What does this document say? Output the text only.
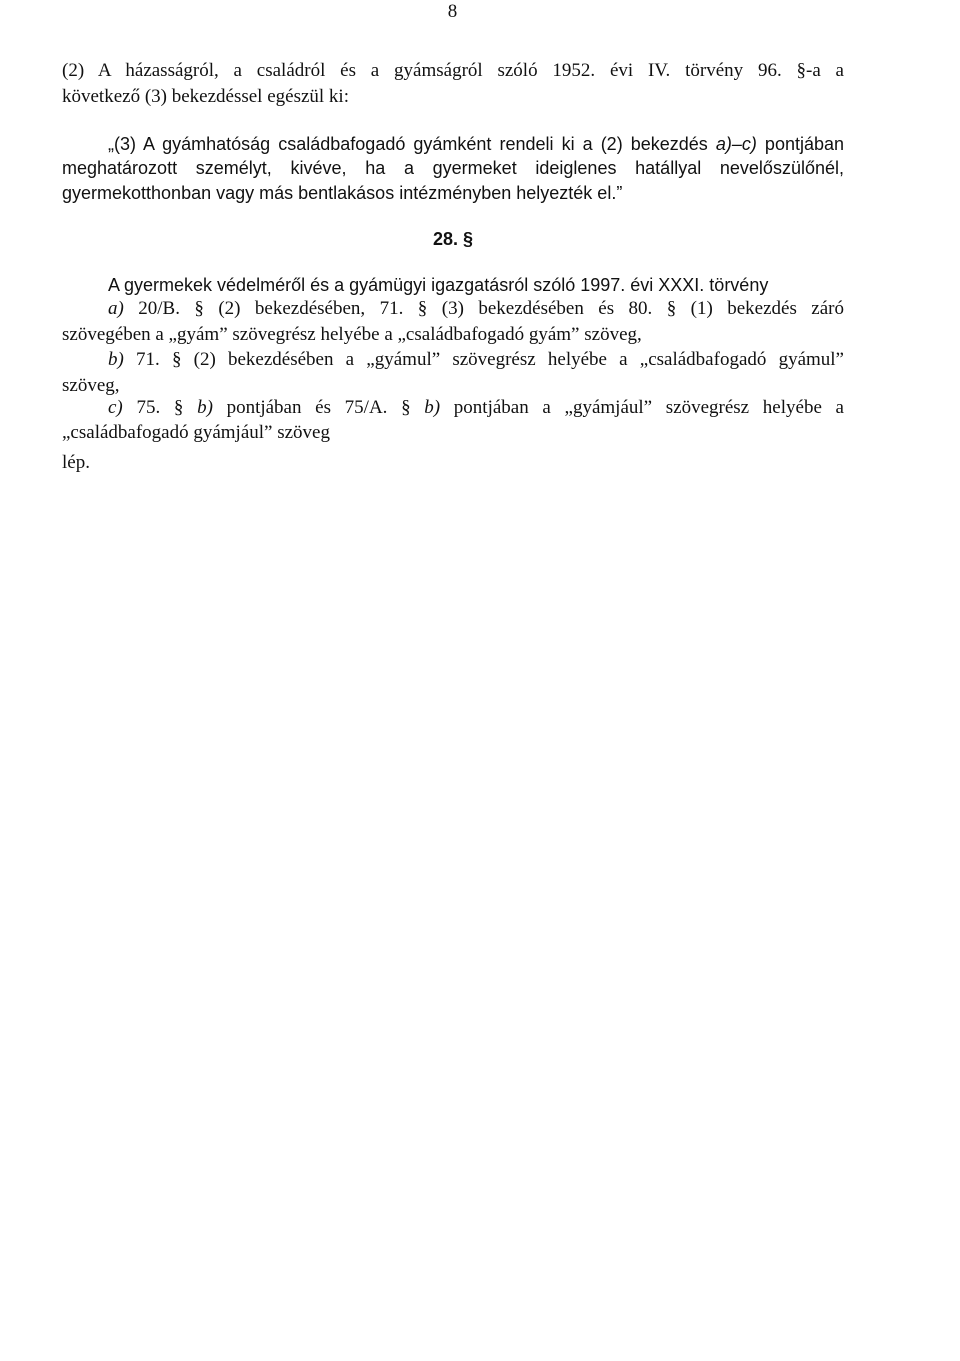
8
(2) A házasságról, a családról és a gyámságról szóló 1952. évi IV. törvény 96. §-a a
következő (3) bekezdéssel egészül ki:
„(3) A gyámhatóság családbafogadó gyámként rendeli ki a (2) bekezdés a)–c) pontjában
meghatározott személyt, kivéve, ha a gyermeket ideiglenes hatállyal nevelőszülőnél,
gyermekotthonban vagy más bentlakásos intézményben helyezték el.”
28. §
A gyermekek védelméről és a gyámügyi igazgatásról szóló 1997. évi XXXI. törvény
a) 20/B. § (2) bekezdésében, 71. § (3) bekezdésében és 80. § (1) bekezdés záró
szövegében a „gyám” szövegrész helyébe a „családbafogadó gyám” szöveg,
b) 71. § (2) bekezdésében a „gyámul” szövegrész helyébe a „családbafogadó gyámul”
szöveg,
c) 75. § b) pontjában és 75/A. § b) pontjában a „gyámjául” szövegrész helyébe a
„családbafogadó gyámjául” szöveg
lép.
